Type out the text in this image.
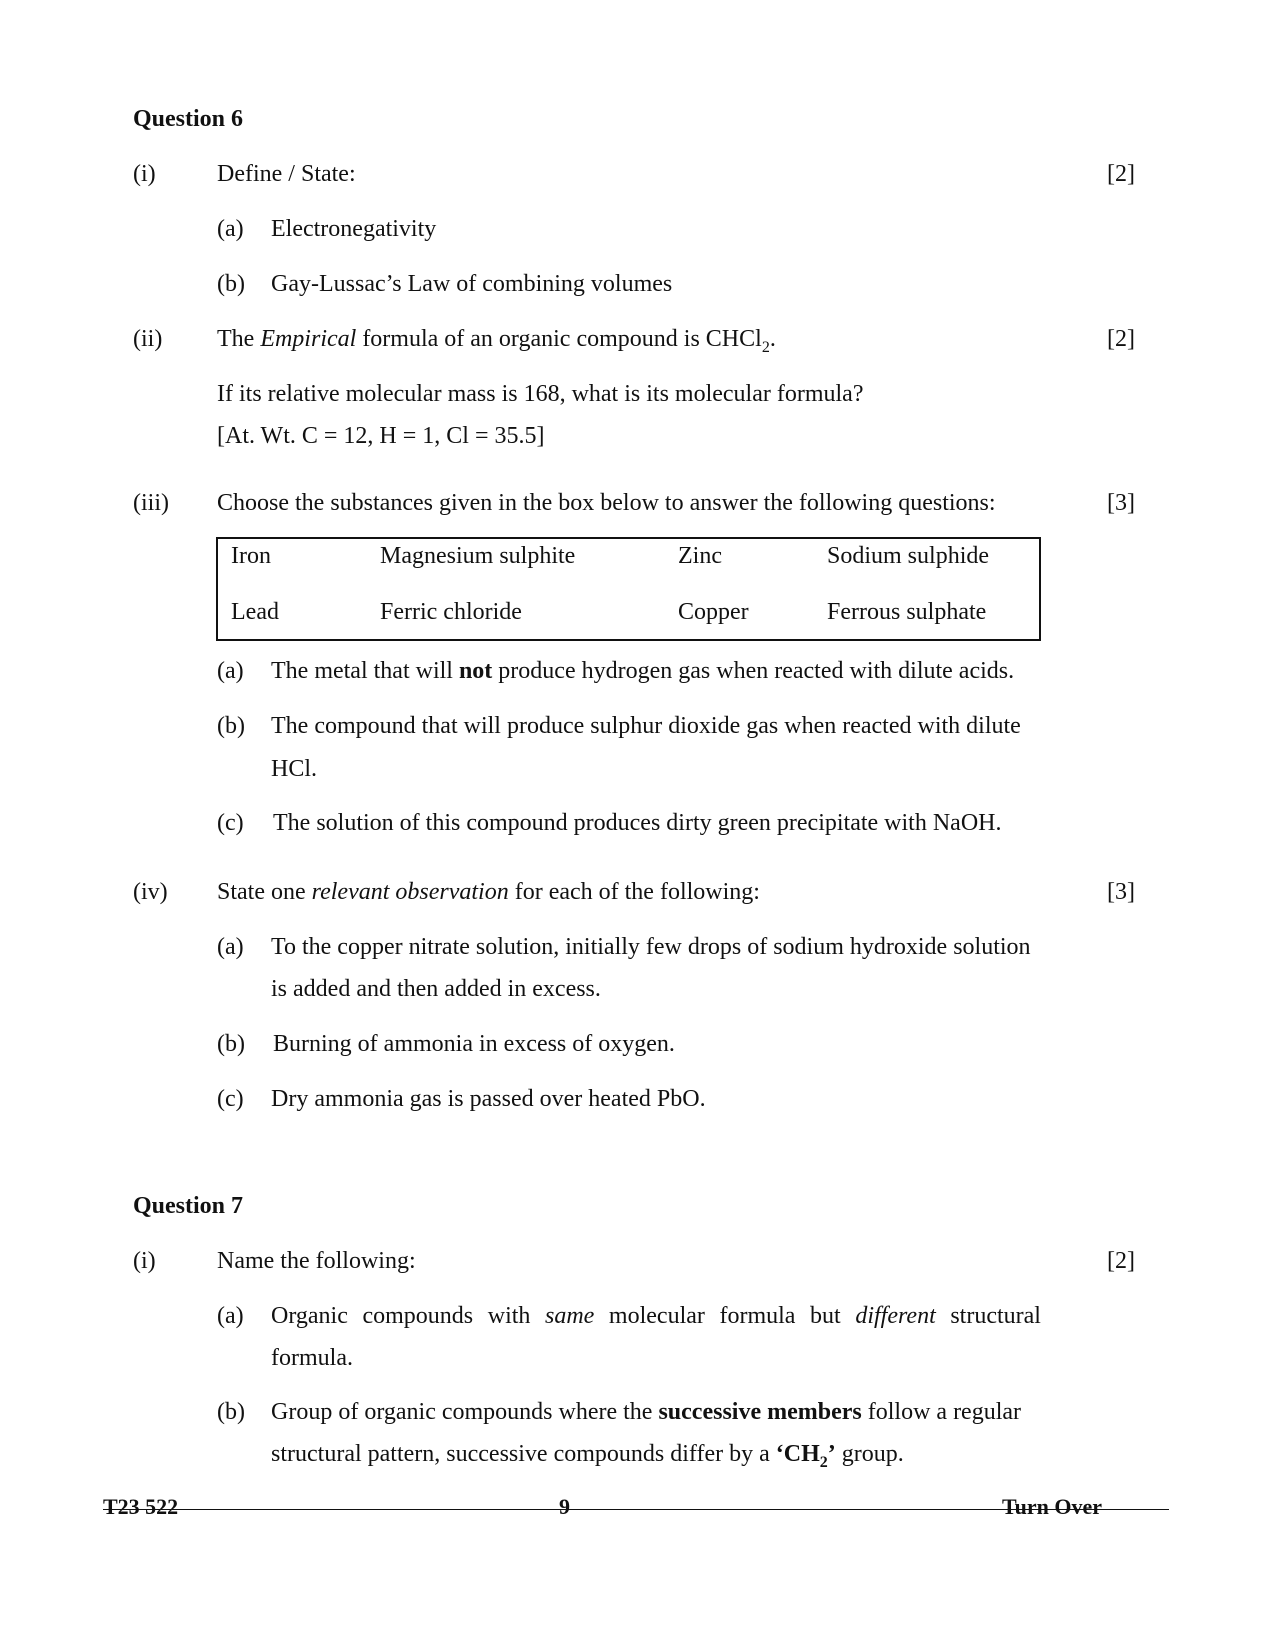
Question 6
(i)	Define / State:	[2]
(a) Electronegativity
(b) Gay-Lussac’s Law of combining volumes
(ii) The Empirical formula of an organic compound is CHCl$_2$.	[2]
If its relative molecular mass is 168, what is its molecular formula?
[At. Wt. C = 12, H = 1, Cl = 35.5]
(iii) Choose the substances given in the box below to answer the following questions:	[3]
Iron	Magnesium sulphite	Zinc	Sodium sulphide
Lead	Ferric chloride	Copper	Ferrous sulphate
(a) The metal that will not produce hydrogen gas when reacted with dilute acids.
(b) The compound that will produce sulphur dioxide gas when reacted with dilute
HCl.
(c) The solution of this compound produces dirty green precipitate with NaOH.
(iv) State one relevant observation for each of the following:	[3]
(a) To the copper nitrate solution, initially few drops of sodium hydroxide solution
is added and then added in excess.
(b) Burning of ammonia in excess of oxygen.
(c) Dry ammonia gas is passed over heated PbO.
Question 7
(i)	Name the following:	[2]
(a) Organic compounds with same molecular formula but different structural
formula.
(b) Group of organic compounds where the successive members follow a regular
structural pattern, successive compounds differ by a ‘$CH_2$’ group.
T23 522	9	Turn Over
